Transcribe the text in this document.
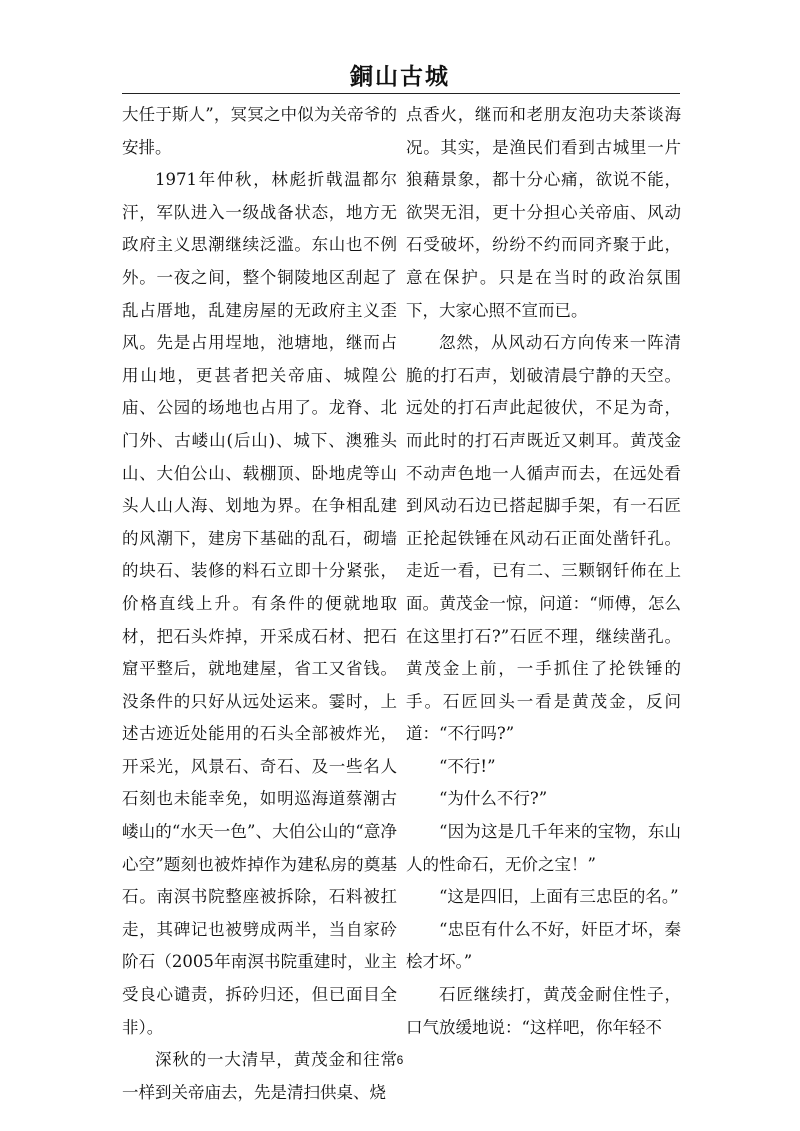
銅山古城

大任于斯人”，冥冥之中似为关帝爷的安排。

1971年仲秋，林彪折戟温都尔汗，军队进入一级战备状态，地方无政府主义思潮继续泛滥。东山也不例外。一夜之间，整个铜陵地区刮起了乱占厝地，乱建房屋的无政府主义歪风。先是占用埕地，池塘地，继而占用山地，更甚者把关帝庙、城隍公庙、公园的场地也占用了。龙脊、北门外、古嵝山(后山)、城下、澳雅头山、大伯公山、载棚顶、卧地虎等山头人山人海、划地为界。在争相乱建的风潮下，建房下基础的乱石，砌墙的块石、装修的料石立即十分紧张，价格直线上升。有条件的便就地取材，把石头炸掉，开采成石材、把石窟平整后，就地建屋，省工又省钱。没条件的只好从远处运来。霎时，上述古迹近处能用的石头全部被炸光，开采光，风景石、奇石、及一些名人石刻也未能幸免，如明巡海道蔡潮古嵝山的“水天一色”、大伯公山的“意净心空”题刻也被炸掉作为建私房的奠基石。南溟书院整座被拆除，石料被扛走，其碑记也被劈成两半，当自家砛阶石（2005年南溟书院重建时，业主受良心谴责，拆砛归还，但已面目全非）。

深秋的一大清早，黄茂金和往常一样到关帝庙去，先是清扫供桌、烧

点香火，继而和老朋友泡功夫茶谈海况。其实，是渔民们看到古城里一片狼藉景象，都十分心痛，欲说不能，欲哭无泪，更十分担心关帝庙、风动石受破坏，纷纷不约而同齐聚于此，意在保护。只是在当时的政治氛围下，大家心照不宣而已。

忽然，从风动石方向传来一阵清脆的打石声，划破清晨宁静的天空。远处的打石声此起彼伏，不足为奇，而此时的打石声既近又刺耳。黄茂金不动声色地一人循声而去，在远处看到风动石边已搭起脚手架，有一石匠正抡起铁锤在风动石正面处凿钎孔。走近一看，已有二、三颗钢钎佈在上面。黄茂金一惊，问道：“师傅，怎么在这里打石?”石匠不理，继续凿孔。黄茂金上前，一手抓住了抡铁锤的手。石匠回头一看是黄茂金，反问道：“不行吗?”

“不行!”

“为什么不行?”

“因为这是几千年来的宝物，东山人的性命石，无价之宝！”

“这是四旧，上面有三忠臣的名。”

“忠臣有什么不好，奸臣才坏，秦桧才坏。”

石匠继续打，黄茂金耐住性子，口气放缓地说：“这样吧，你年轻不

6
